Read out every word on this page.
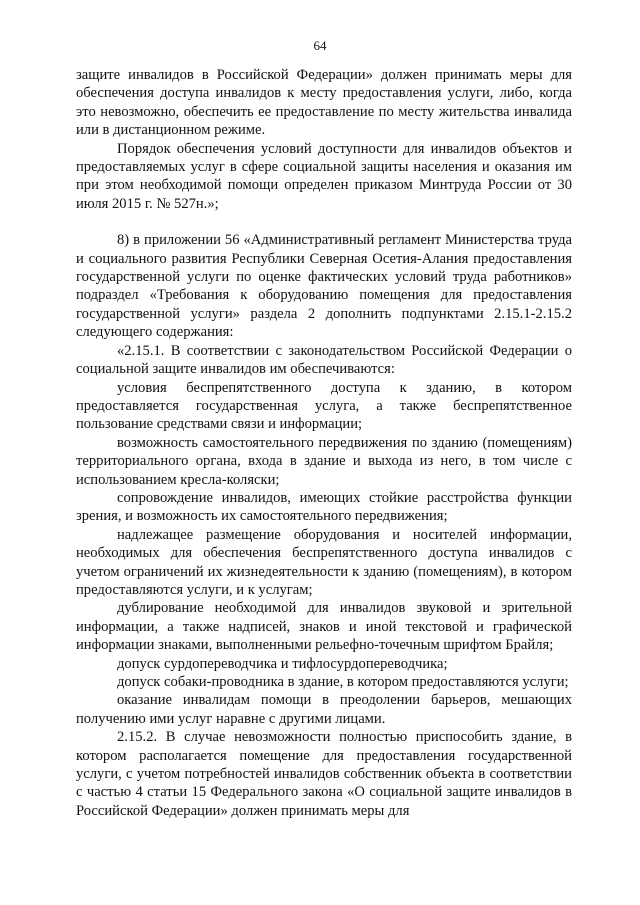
64

защите инвалидов в Российской Федерации» должен принимать меры для обеспечения доступа инвалидов к месту предоставления услуги, либо, когда это невозможно, обеспечить ее предоставление по месту жительства инвалида или в дистанционном режиме.

Порядок обеспечения условий доступности для инвалидов объектов и предоставляемых услуг в сфере социальной защиты населения и оказания им при этом необходимой помощи определен приказом Минтруда России от 30 июля 2015 г. № 527н.»;

8) в приложении 56 «Административный регламент Министерства труда и социального развития Республики Северная Осетия-Алания предоставления государственной услуги по оценке фактических условий труда работников» подраздел «Требования к оборудованию помещения для предоставления государственной услуги» раздела 2 дополнить подпунктами 2.15.1-2.15.2 следующего содержания:

«2.15.1. В соответствии с законодательством Российской Федерации о социальной защите инвалидов им обеспечиваются:

условия беспрепятственного доступа к зданию, в котором предоставляется государственная услуга, а также беспрепятственное пользование средствами связи и информации;

возможность самостоятельного передвижения по зданию (помещениям) территориального органа, входа в здание и выхода из него, в том числе с использованием кресла-коляски;

сопровождение инвалидов, имеющих стойкие расстройства функции зрения, и возможность их самостоятельного передвижения;

надлежащее размещение оборудования и носителей информации, необходимых для обеспечения беспрепятственного доступа инвалидов с учетом ограничений их жизнедеятельности к зданию (помещениям), в котором предоставляются услуги, и к услугам;

дублирование необходимой для инвалидов звуковой и зрительной информации, а также надписей, знаков и иной текстовой и графической информации знаками, выполненными рельефно-точечным шрифтом Брайля;

допуск сурдопереводчика и тифлосурдопереводчика;

допуск собаки-проводника в здание, в котором предоставляются услуги;

оказание инвалидам помощи в преодолении барьеров, мешающих получению ими услуг наравне с другими лицами.

2.15.2. В случае невозможности полностью приспособить здание, в котором располагается помещение для предоставления государственной услуги, с учетом потребностей инвалидов собственник объекта в соответствии с частью 4 статьи 15 Федерального закона «О социальной защите инвалидов в Российской Федерации» должен принимать меры для
